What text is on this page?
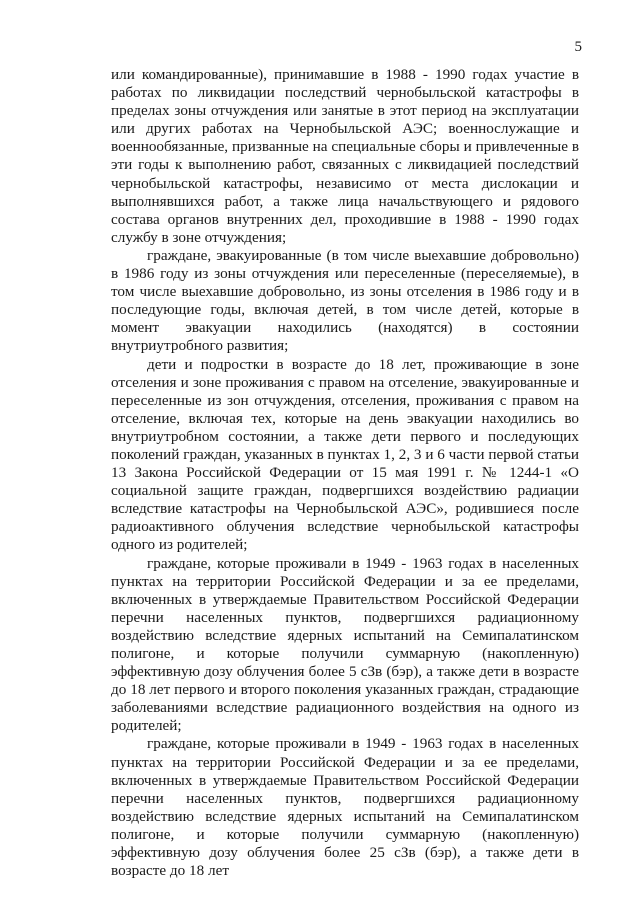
5

или командированные), принимавшие в 1988 - 1990 годах участие в работах по ликвидации последствий чернобыльской катастрофы в пределах зоны отчуждения или занятые в этот период на эксплуатации или других работах на Чернобыльской АЭС; военнослужащие и военнообязанные, призванные на специальные сборы и привлеченные в эти годы к выполнению работ, связанных с ликвидацией последствий чернобыльской катастрофы, независимо от места дислокации и выполнявшихся работ, а также лица начальствующего и рядового состава органов внутренних дел, проходившие в 1988 - 1990 годах службу в зоне отчуждения;

граждане, эвакуированные (в том числе выехавшие добровольно) в 1986 году из зоны отчуждения или переселенные (переселяемые), в том числе выехавшие добровольно, из зоны отселения в 1986 году и в последующие годы, включая детей, в том числе детей, которые в момент эвакуации находились (находятся) в состоянии внутриутробного развития;

дети и подростки в возрасте до 18 лет, проживающие в зоне отселения и зоне проживания с правом на отселение, эвакуированные и переселенные из зон отчуждения, отселения, проживания с правом на отселение, включая тех, которые на день эвакуации находились во внутриутробном состоянии, а также дети первого и последующих поколений граждан, указанных в пунктах 1, 2, 3 и 6 части первой статьи 13 Закона Российской Федерации от 15 мая 1991 г. № 1244-1 «О социальной защите граждан, подвергшихся воздействию радиации вследствие катастрофы на Чернобыльской АЭС», родившиеся после радиоактивного облучения вследствие чернобыльской катастрофы одного из родителей;

граждане, которые проживали в 1949 - 1963 годах в населенных пунктах на территории Российской Федерации и за ее пределами, включенных в утверждаемые Правительством Российской Федерации перечни населенных пунктов, подвергшихся радиационному воздействию вследствие ядерных испытаний на Семипалатинском полигоне, и которые получили суммарную (накопленную) эффективную дозу облучения более 5 сЗв (бэр), а также дети в возрасте до 18 лет первого и второго поколения указанных граждан, страдающие заболеваниями вследствие радиационного воздействия на одного из родителей;

граждане, которые проживали в 1949 - 1963 годах в населенных пунктах на территории Российской Федерации и за ее пределами, включенных в утверждаемые Правительством Российской Федерации перечни населенных пунктов, подвергшихся радиационному воздействию вследствие ядерных испытаний на Семипалатинском полигоне, и которые получили суммарную (накопленную) эффективную дозу облучения более 25 сЗв (бэр), а также дети в возрасте до 18 лет
